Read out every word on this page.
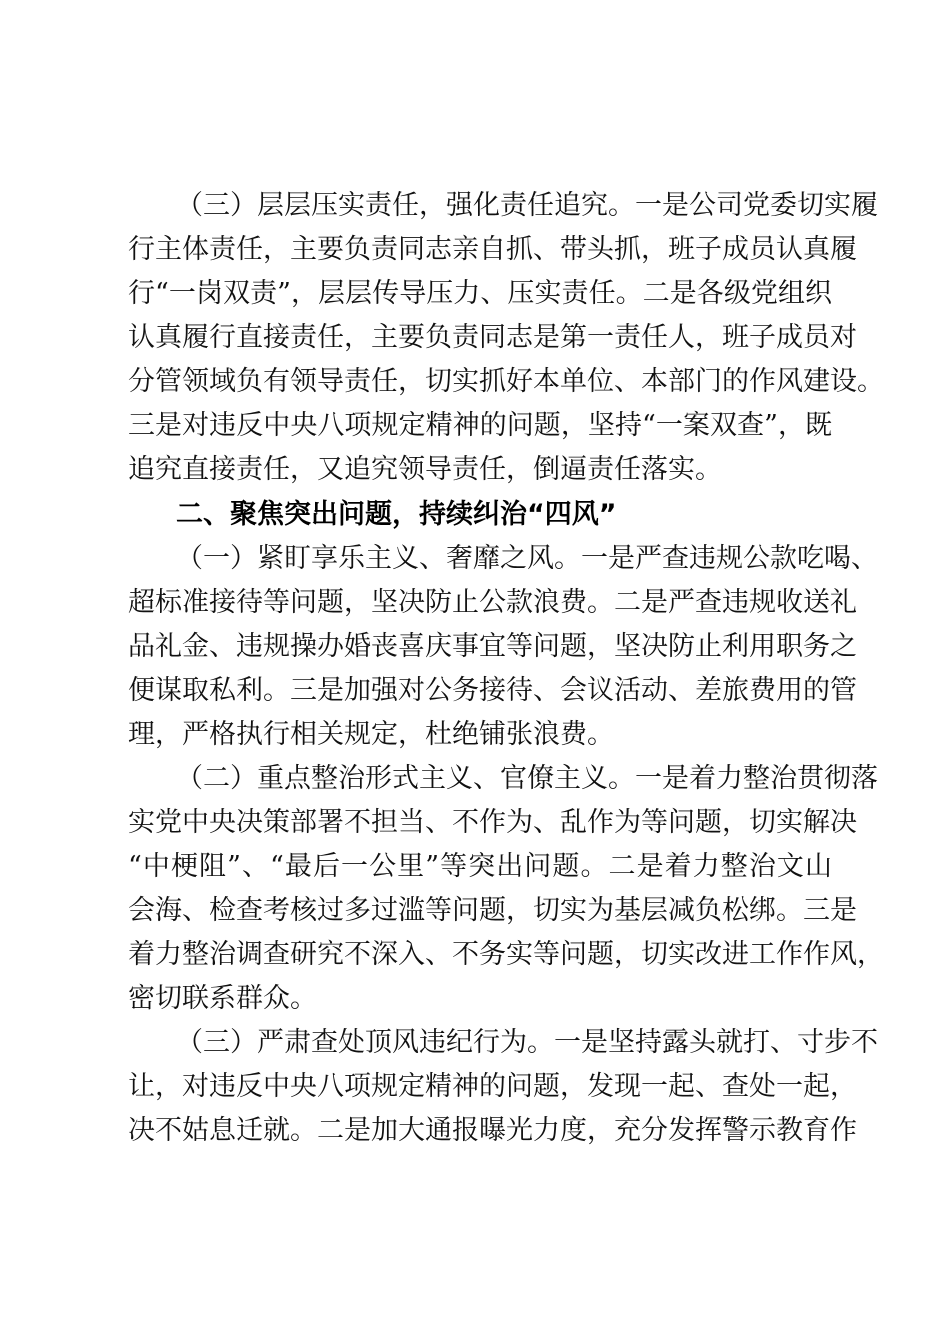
（三）层层压实责任，强化责任追究。一是公司党委切实履

行主体责任，主要负责同志亲自抓、带头抓，班子成员认真履

行“一岗双责”，层层传导压力、压实责任。二是各级党组织

认真履行直接责任，主要负责同志是第一责任人，班子成员对

分管领域负有领导责任，切实抓好本单位、本部门的作风建设。

三是对违反中央八项规定精神的问题，坚持“一案双查”，既

追究直接责任，又追究领导责任，倒逼责任落实。

二、聚焦突出问题，持续纠治“四风”

（一）紧盯享乐主义、奢靡之风。一是严查违规公款吃喝、

超标准接待等问题，坚决防止公款浪费。二是严查违规收送礼

品礼金、违规操办婚丧喜庆事宜等问题，坚决防止利用职务之

便谋取私利。三是加强对公务接待、会议活动、差旅费用的管

理，严格执行相关规定，杜绝铺张浪费。

（二）重点整治形式主义、官僚主义。一是着力整治贯彻落

实党中央决策部署不担当、不作为、乱作为等问题，切实解决

“中梗阻”、“最后一公里”等突出问题。二是着力整治文山

会海、检查考核过多过滥等问题，切实为基层减负松绑。三是

着力整治调查研究不深入、不务实等问题，切实改进工作作风，

密切联系群众。

（三）严肃查处顶风违纪行为。一是坚持露头就打、寸步不

让，对违反中央八项规定精神的问题，发现一起、查处一起，

决不姑息迁就。二是加大通报曝光力度，充分发挥警示教育作
